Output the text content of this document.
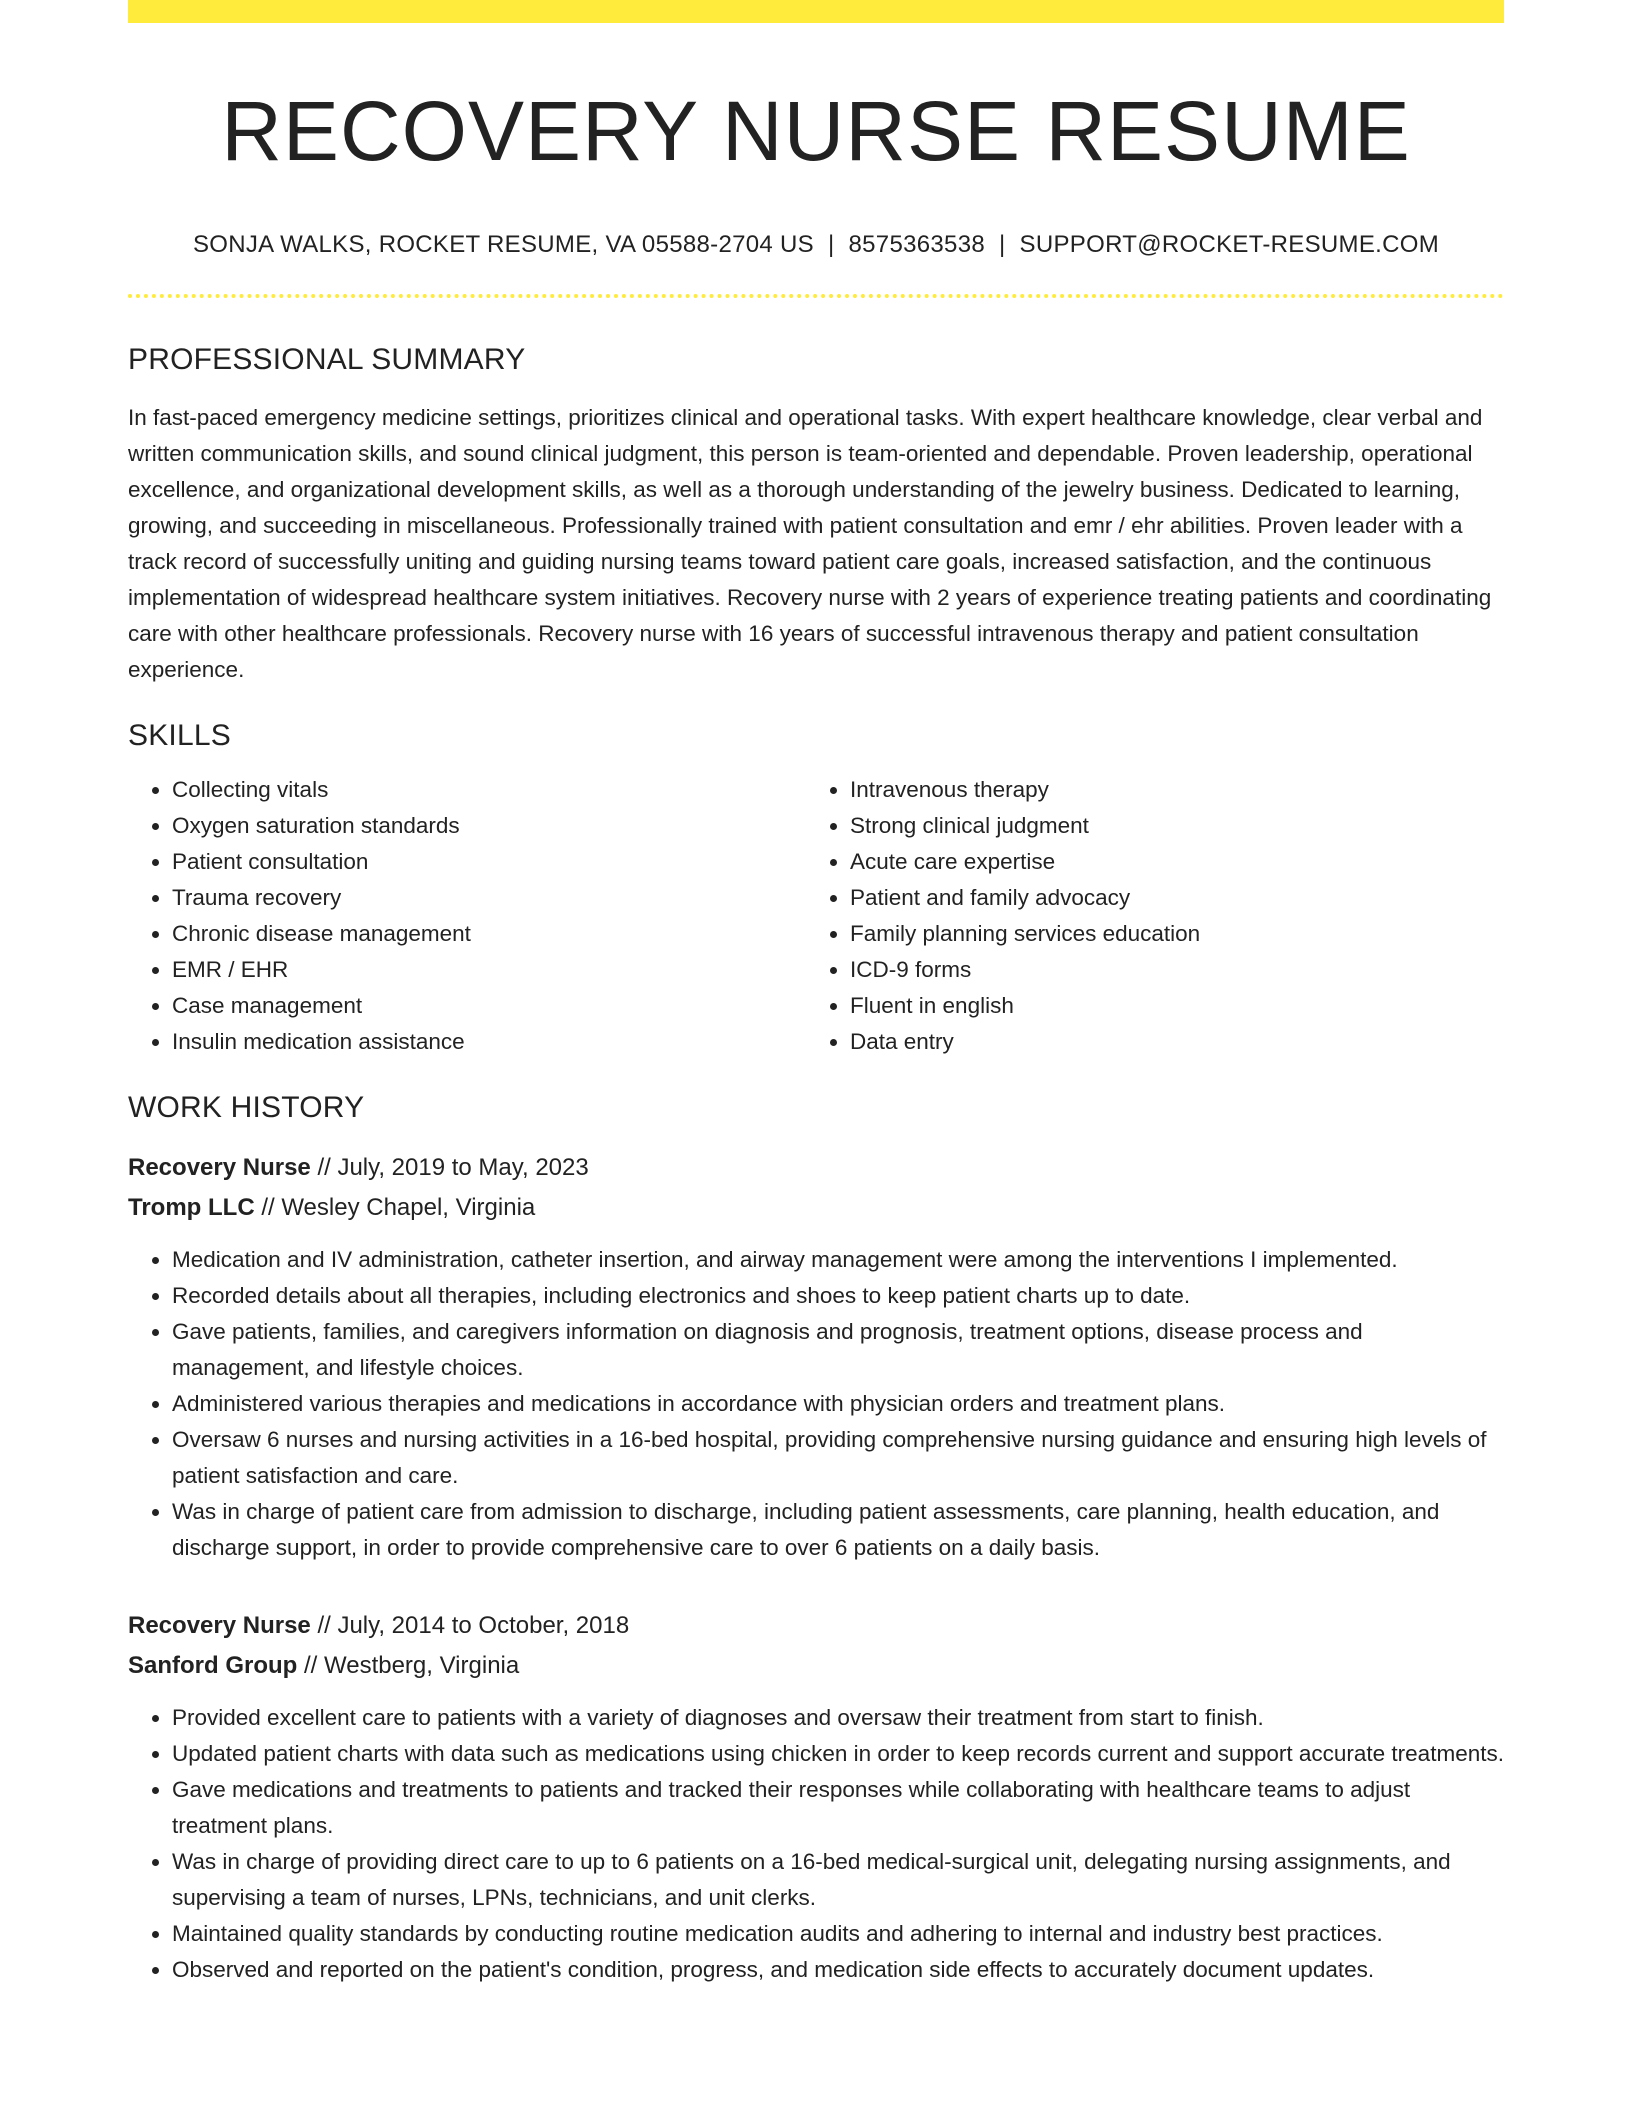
RECOVERY NURSE RESUME
SONJA WALKS, ROCKET RESUME, VA 05588-2704 US | 8575363538 | SUPPORT@ROCKET-RESUME.COM
PROFESSIONAL SUMMARY

In fast-paced emergency medicine settings, prioritizes clinical and operational tasks. With expert healthcare knowledge, clear verbal and written communication skills, and sound clinical judgment, this person is team-oriented and dependable. Proven leadership, operational excellence, and organizational development skills, as well as a thorough understanding of the jewelry business. Dedicated to learning, growing, and succeeding in miscellaneous. Professionally trained with patient consultation and emr / ehr abilities. Proven leader with a track record of successfully uniting and guiding nursing teams toward patient care goals, increased satisfaction, and the continuous implementation of widespread healthcare system initiatives. Recovery nurse with 2 years of experience treating patients and coordinating care with other healthcare professionals. Recovery nurse with 16 years of successful intravenous therapy and patient consultation experience.

SKILLS
• Collecting vitals
• Oxygen saturation standards
• Patient consultation
• Trauma recovery
• Chronic disease management
• EMR / EHR
• Case management
• Insulin medication assistance
• Intravenous therapy
• Strong clinical judgment
• Acute care expertise
• Patient and family advocacy
• Family planning services education
• ICD-9 forms
• Fluent in english
• Data entry
WORK HISTORY
Recovery Nurse // July, 2019 to May, 2023
Tromp LLC // Wesley Chapel, Virginia
• Medication and IV administration, catheter insertion, and airway management were among the interventions I implemented.
• Recorded details about all therapies, including electronics and shoes to keep patient charts up to date.
• Gave patients, families, and caregivers information on diagnosis and prognosis, treatment options, disease process and management, and lifestyle choices.
• Administered various therapies and medications in accordance with physician orders and treatment plans.
• Oversaw 6 nurses and nursing activities in a 16-bed hospital, providing comprehensive nursing guidance and ensuring high levels of patient satisfaction and care.
• Was in charge of patient care from admission to discharge, including patient assessments, care planning, health education, and discharge support, in order to provide comprehensive care to over 6 patients on a daily basis.
Recovery Nurse // July, 2014 to October, 2018
Sanford Group // Westberg, Virginia
• Provided excellent care to patients with a variety of diagnoses and oversaw their treatment from start to finish.
• Updated patient charts with data such as medications using chicken in order to keep records current and support accurate treatments.
• Gave medications and treatments to patients and tracked their responses while collaborating with healthcare teams to adjust treatment plans.
• Was in charge of providing direct care to up to 6 patients on a 16-bed medical-surgical unit, delegating nursing assignments, and supervising a team of nurses, LPNs, technicians, and unit clerks.
• Maintained quality standards by conducting routine medication audits and adhering to internal and industry best practices.
• Observed and reported on the patient's condition, progress, and medication side effects to accurately document updates.
